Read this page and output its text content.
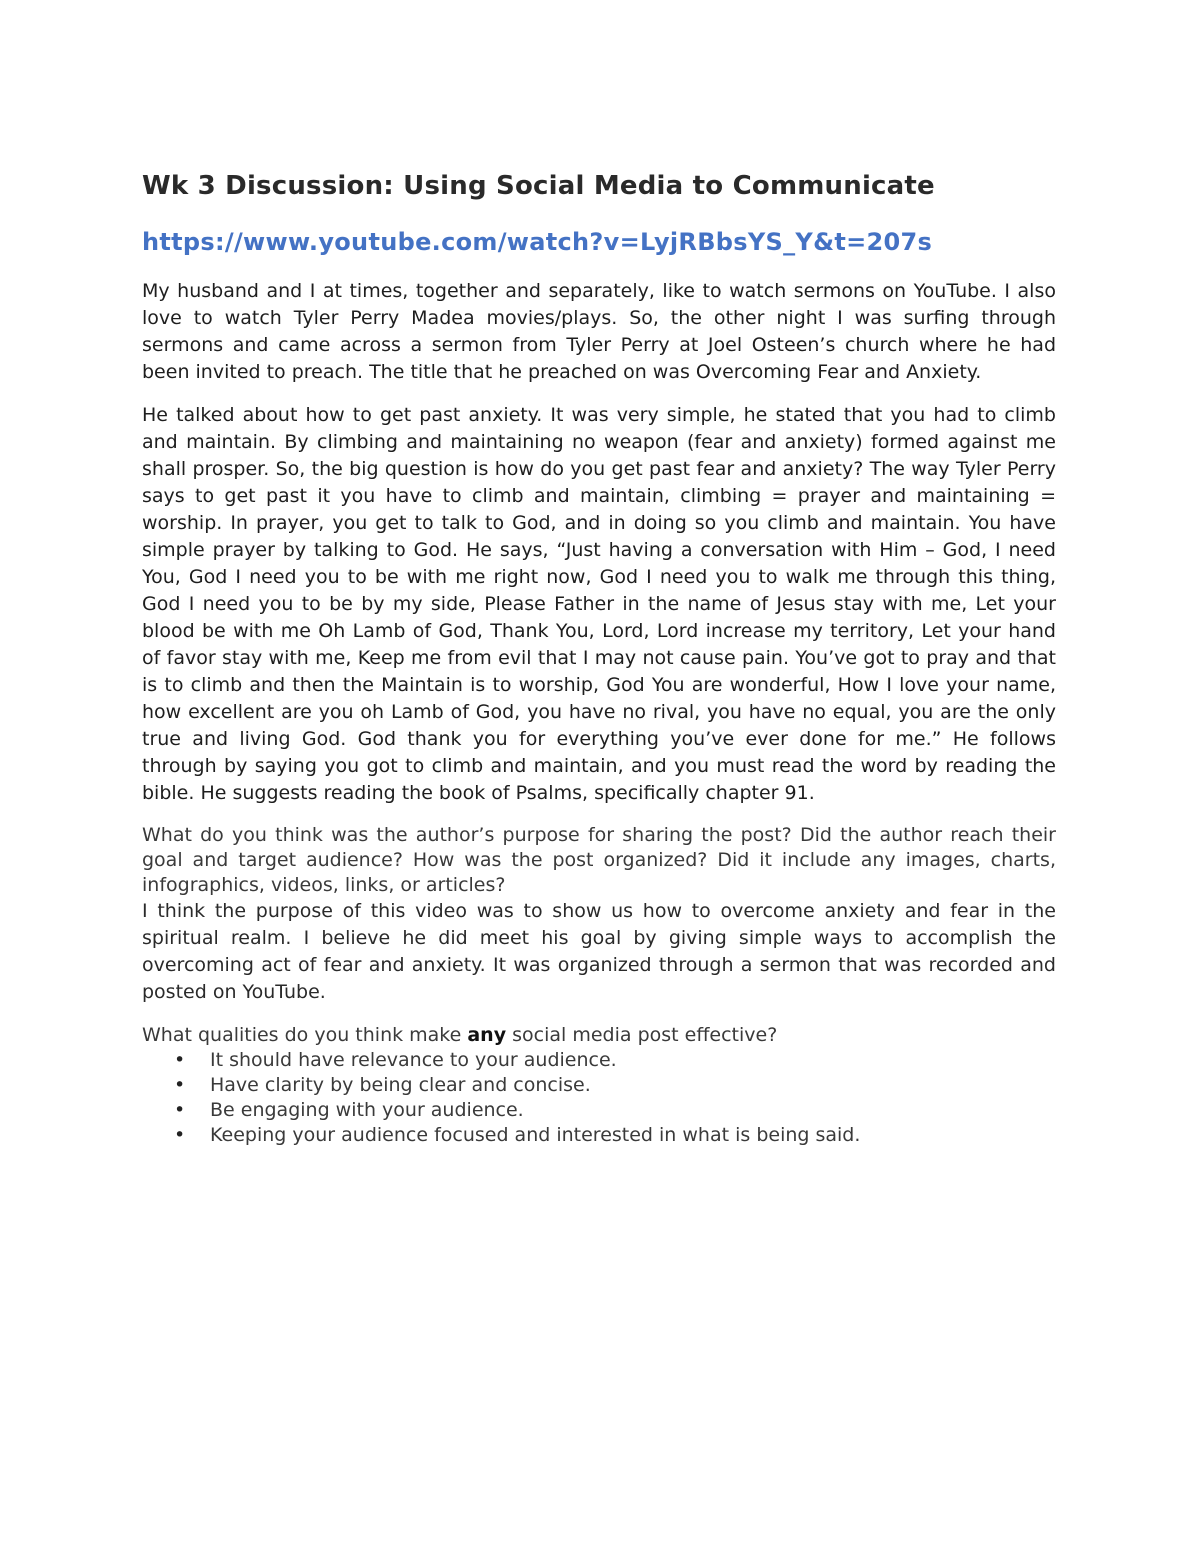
Wk 3 Discussion: Using Social Media to Communicate
https://www.youtube.com/watch?v=LyjRBbsYS_Y&t=207s

My husband and I at times, together and separately, like to watch sermons on YouTube. I also love to watch Tyler Perry Madea movies/plays. So, the other night I was surfing through sermons and came across a sermon from Tyler Perry at Joel Osteen’s church where he had been invited to preach. The title that he preached on was Overcoming Fear and Anxiety.

He talked about how to get past anxiety. It was very simple, he stated that you had to climb and maintain. By climbing and maintaining no weapon (fear and anxiety) formed against me shall prosper. So, the big question is how do you get past fear and anxiety? The way Tyler Perry says to get past it you have to climb and maintain, climbing = prayer and maintaining = worship. In prayer, you get to talk to God, and in doing so you climb and maintain. You have simple prayer by talking to God. He says, “Just having a conversation with Him – God, I need You, God I need you to be with me right now, God I need you to walk me through this thing, God I need you to be by my side, Please Father in the name of Jesus stay with me, Let your blood be with me Oh Lamb of God, Thank You, Lord, Lord increase my territory, Let your hand of favor stay with me, Keep me from evil that I may not cause pain. You’ve got to pray and that is to climb and then the Maintain is to worship, God You are wonderful, How I love your name, how excellent are you oh Lamb of God, you have no rival, you have no equal, you are the only true and living God. God thank you for everything you’ve ever done for me.” He follows through by saying you got to climb and maintain, and you must read the word by reading the bible. He suggests reading the book of Psalms, specifically chapter 91.

What do you think was the author’s purpose for sharing the post? Did the author reach their goal and target audience? How was the post organized? Did it include any images, charts, infographics, videos, links, or articles?

I think the purpose of this video was to show us how to overcome anxiety and fear in the spiritual realm. I believe he did meet his goal by giving simple ways to accomplish the overcoming act of fear and anxiety. It was organized through a sermon that was recorded and posted on YouTube.

What qualities do you think make any social media post effective?

• It should have relevance to your audience.
• Have clarity by being clear and concise.
• Be engaging with your audience.
• Keeping your audience focused and interested in what is being said.
